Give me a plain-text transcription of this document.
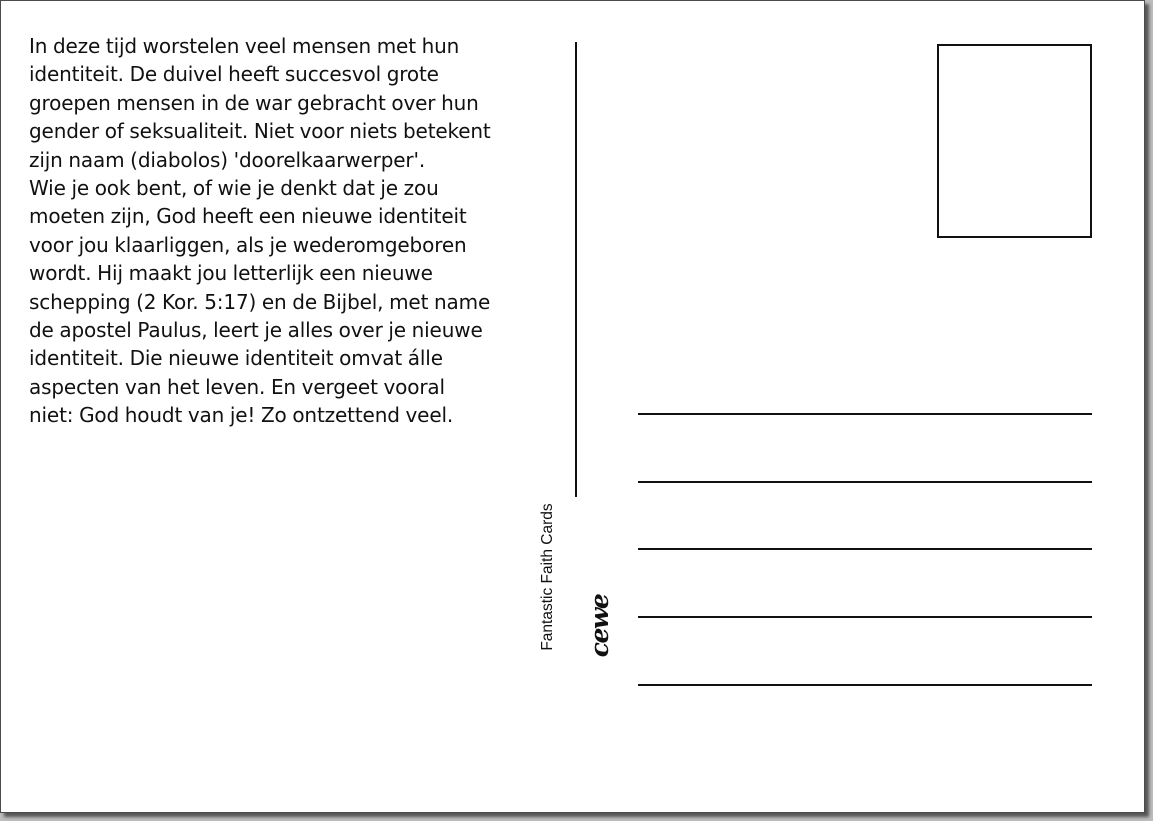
In deze tijd worstelen veel mensen met hun
identiteit. De duivel heeft succesvol grote
groepen mensen in de war gebracht over hun
gender of seksualiteit. Niet voor niets betekent
zijn naam (diabolos) 'doorelkaarwerper'.
Wie je ook bent, of wie je denkt dat je zou
moeten zijn, God heeft een nieuwe identiteit
voor jou klaarliggen, als je wederomgeboren
wordt. Hij maakt jou letterlijk een nieuwe
schepping (2 Kor. 5:17) en de Bijbel, met name
de apostel Paulus, leert je alles over je nieuwe
identiteit. Die nieuwe identiteit omvat álle
aspecten van het leven. En vergeet vooral
niet: God houdt van je! Zo ontzettend veel.
Fantastic Faith Cards cewe
